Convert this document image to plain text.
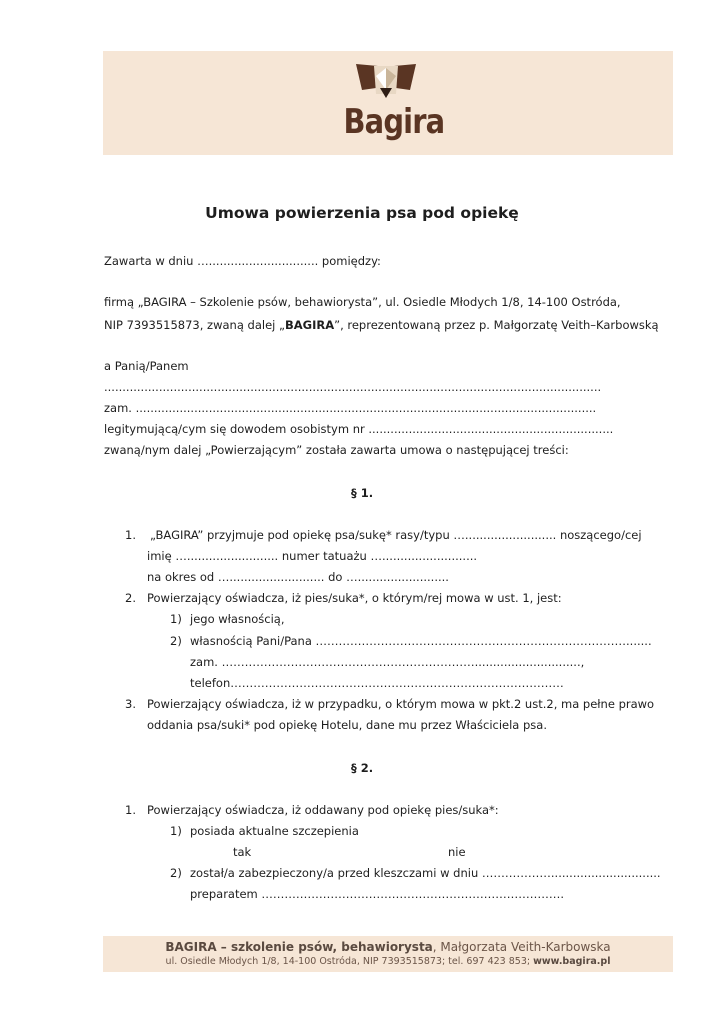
Bagira
Umowa powierzenia psa pod opiekę
Zawarta w dniu ….............................. pomiędzy:
firmą „BAGIRA – Szkolenie psów, behawiorysta”, ul. Osiedle Młodych 1/8, 14-100 Ostróda,
NIP 7393515873, zwaną dalej „BAGIRA”, reprezentowaną przez p. Małgorzatę Veith–Karbowską
a Panią/Panem
........................................................................................................................................
zam. ..............................................................................................................................
legitymującą/cym się dowodem osobistym nr ...................................................................
zwaną/nym dalej „Powierzającym” została zawarta umowa o następującej treści:
§ 1.
1. „BAGIRA” przyjmuje pod opiekę psa/sukę* rasy/typu …......................... noszącego/cej
imię …......................... numer tatuażu …..........................
na okres od ….......................... do ….........................
2. Powierzający oświadcza, iż pies/suka*, o którym/rej mowa w ust. 1, jest:
1) jego własnością,
2) własnością Pani/Pana ……………………………………………………………………….......
zam. ………………………………………………………….............................,
telefon……………………………………………………………………………
3. Powierzający oświadcza, iż w przypadku, o którym mowa w pkt.2 ust.2, ma pełne prawo
oddania psa/suki* pod opiekę Hotelu, dane mu przez Właściciela psa.
§ 2.
1. Powierzający oświadcza, iż oddawany pod opiekę pies/suka*:
1) posiada aktualne szczepienia
tak	nie
2) został/a zabezpieczony/a przed kleszczami w dniu ………………..............................
preparatem …………………………………………………………………….
BAGIRA – szkolenie psów, behawiorysta, Małgorzata Veith-Karbowska
ul. Osiedle Młodych 1/8, 14-100 Ostróda, NIP 7393515873; tel. 697 423 853; www.bagira.pl
